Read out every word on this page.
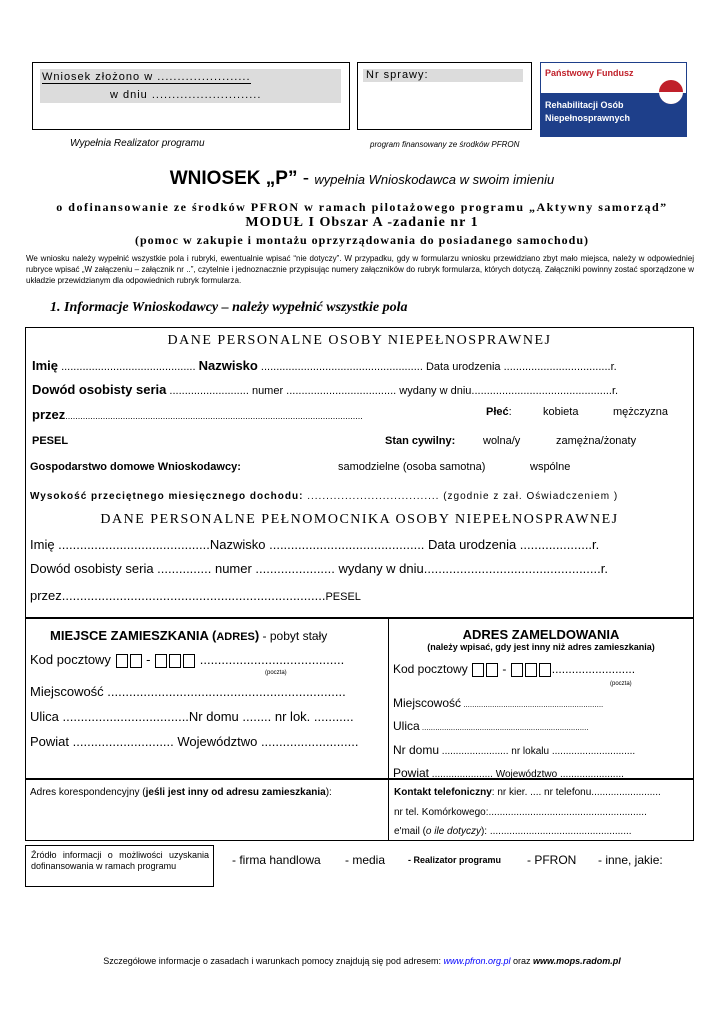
Wniosek złożono w .......................
w dniu ...........................
Nr sprawy:	Państwowy Fundusz
Rehabilitacji Osób
Niepełnosprawnych
Wypełnia Realizator programu	program finansowany ze środków PFRON
WNIOSEK „P” - wypełnia Wnioskodawca w swoim imieniu
o dofinansowanie ze środków PFRON w ramach pilotażowego programu „Aktywny samorząd”
MODUŁ I Obszar A -zadanie nr 1
(pomoc w zakupie i montażu oprzyrządowania do posiadanego samochodu)
We wniosku należy wypełnić wszystkie pola i rubryki, ewentualnie wpisać “nie dotyczy”. W przypadku, gdy w formularzu wniosku przewidziano zbyt mało miejsca, należy w odpowiedniej rubryce wpisać „W załączeniu – załącznik nr ..”, czytelnie i jednoznacznie przypisując numery załączników do rubryk formularza, których dotyczą. Załączniki powinny zostać sporządzone w układzie przewidzianym dla odpowiednich rubryk formularza.
1. Informacje Wnioskodawcy – należy wypełnić wszystkie pola
DANE PERSONALNE OSOBY NIEPEŁNOSPRAWNEJ
Imię ............................................ Nazwisko ..................................................... Data urodzenia ...................................r.
Dowód osobisty seria .......................... numer .................................... wydany w dniu..............................................r.
przez.......................................................................................................................	Płeć:	kobieta	mężczyzna
PESEL	Stan cywilny:	wolna/y	zamężna/żonaty
Gospodarstwo domowe Wnioskodawcy:	samodzielne (osoba samotna)	wspólne
Wysokość przeciętnego miesięcznego dochodu: ................................... (zgodnie z zał. Oświadczeniem )
DANE PERSONALNE PEŁNOMOCNIKA OSOBY NIEPEŁNOSPRAWNEJ
Imię ..........................................Nazwisko ........................................... Data urodzenia ....................r.
Dowód osobisty seria ............... numer ...................... wydany w dniu.................................................r.
przez.........................................................................PESEL
MIEJSCE ZAMIESZKANIA (ADRES) - pobyt stały
Kod pocztowy  -	........................................
(poczta)
Miejscowość ..................................................................
Ulica ...................................Nr domu ........ nr lok. ...........
Powiat ............................ Województwo ...........................
ADRES ZAMELDOWANIA
(należy wpisać, gdy jest inny niż adres zamieszkania)
Kod pocztowy	-	.........................
(poczta)
Miejscowość ...............................................................
Ulica ...........................................................................
Nr domu ........................ nr lokalu ..............................
Powiat ...................... Województwo .......................
Adres korespondencyjny (jeśli jest inny od adresu zamieszkania):	Kontakt telefoniczny: nr kier. .... nr telefonu.........................
nr tel. Komórkowego:.........................................................
e'mail (o ile dotyczy): ...................................................
Źródło informacji o możliwości uzyskania dofinansowania w ramach programu	- firma handlowa - media	- Realizator programu - PFRON - inne, jakie:
Szczegółowe informacje o zasadach i warunkach pomocy znajdują się pod adresem: www.pfron.org.pl oraz www.mops.radom.pl
